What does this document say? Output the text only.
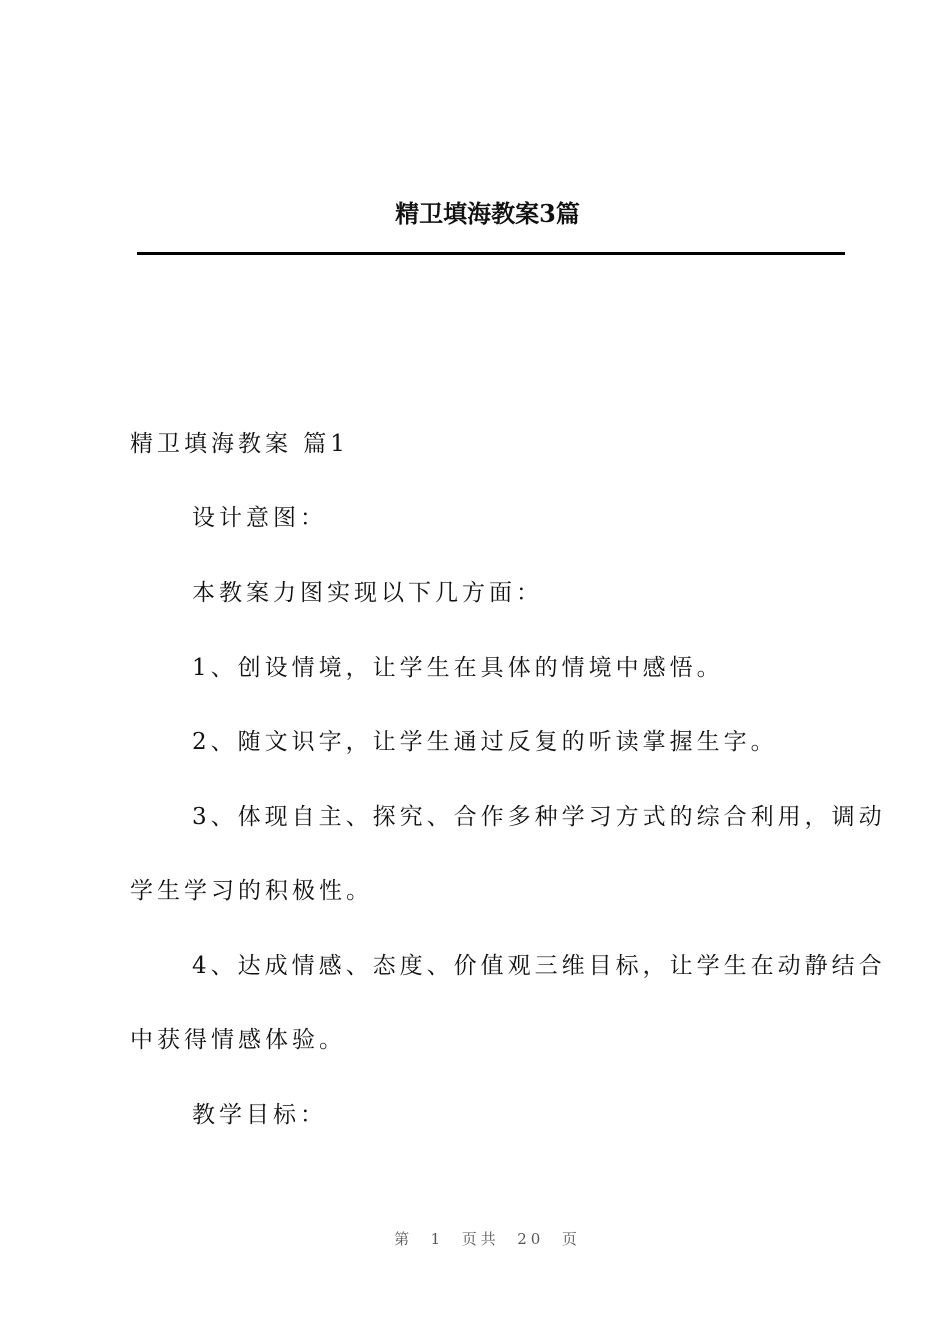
精卫填海教案3篇

精卫填海教案 篇1

设计意图：

本教案力图实现以下几方面：

1、创设情境，让学生在具体的情境中感悟。

2、随文识字，让学生通过反复的听读掌握生字。

3、体现自主、探究、合作多种学习方式的综合利用，调动

学生学习的积极性。

4、达成情感、态度、价值观三维目标，让学生在动静结合

中获得情感体验。

教学目标：

第  1  页共  20  页
